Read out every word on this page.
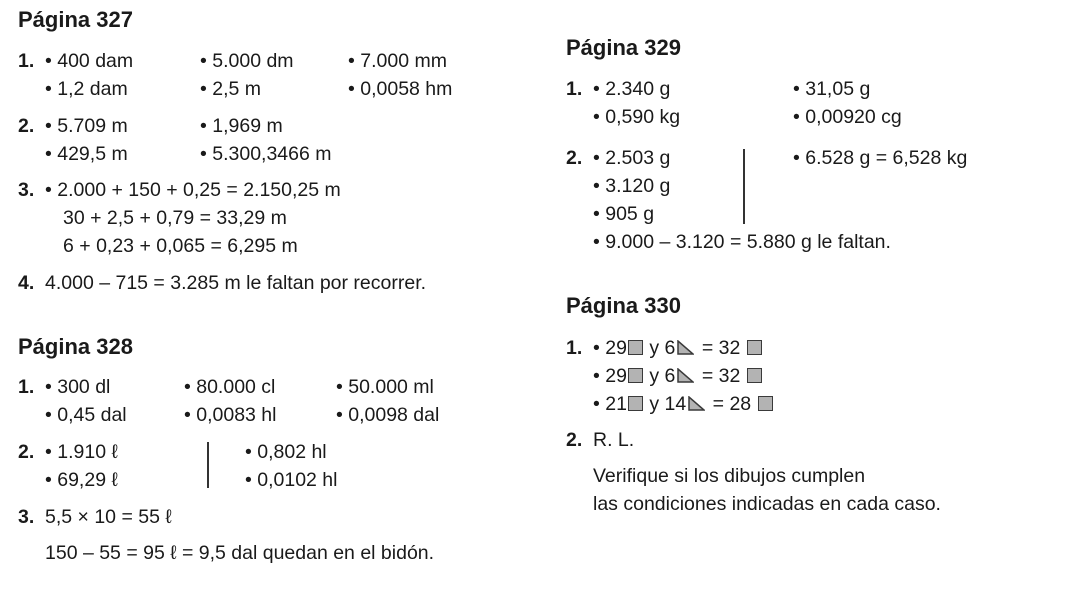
Página 327
1. • 400 dam	• 5.000 dm	• 7.000 mm
• 1,2 dam	• 2,5 m	• 0,0058 hm
2. • 5.709 m	• 1,969 m
• 429,5 m	• 5.300,3466 m
3. • 2.000 + 150 + 0,25 = 2.150,25 m
30 + 2,5 + 0,79 = 33,29 m
6 + 0,23 + 0,065 = 6,295 m
4. 4.000 – 715 = 3.285 m le faltan por recorrer.
Página 328
1. • 300 dl	• 80.000 cl	• 50.000 ml
• 0,45 dal	• 0,0083 hl	• 0,0098 dal
2. • 1.910 ℓ	• 0,802 hl
• 69,29 ℓ	• 0,0102 hl
3. 5,5 × 10 = 55 ℓ
150 – 55 = 95 ℓ = 9,5 dal quedan en el bidón.
Página 329
1. • 2.340 g	• 31,05 g
• 0,590 kg	• 0,00920 cg
2. • 2.503 g	• 6.528 g = 6,528 kg
• 3.120 g
• 905 g
• 9.000 – 3.120 = 5.880 g le faltan.
Página 330
1. • 29 y 6 = 32
• 29 y 6 = 32
• 21 y 14 = 28
2. R. L.
Verifique si los dibujos cumplen
las condiciones indicadas en cada caso.
